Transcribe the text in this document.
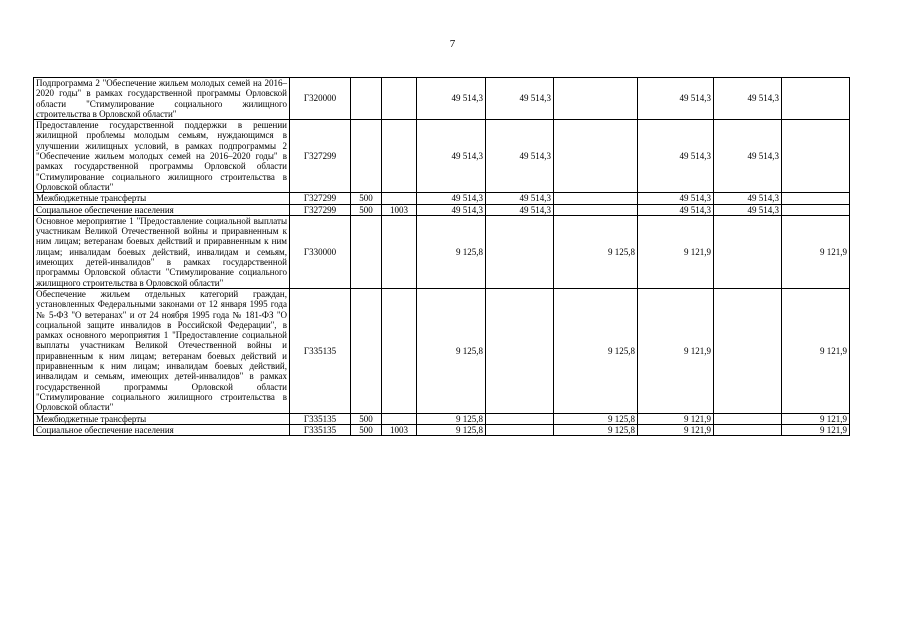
7
Подпрограмма 2 "Обеспечение жильем молодых семей на 2016–2020 годы" в рамках государственной программы Орловской области "Стимулирование социального жилищного строительства в Орловской области"	Г320000			49 514,3	49 514,3		49 514,3	49 514,3	
Предоставление государственной поддержки в решении жилищной проблемы молодым семьям, нуждающимся в улучшении жилищных условий, в рамках подпрограммы 2 "Обеспечение жильем молодых семей на 2016–2020 годы" в рамках государственной программы Орловской области "Стимулирование социального жилищного строительства в Орловской области"	Г327299			49 514,3	49 514,3		49 514,3	49 514,3	
Межбюджетные трансферты	Г327299	500		49 514,3	49 514,3		49 514,3	49 514,3	
Социальное обеспечение населения	Г327299	500	1003	49 514,3	49 514,3		49 514,3	49 514,3	
Основное мероприятие 1 "Предоставление социальной выплаты участникам Великой Отечественной войны и приравненным к ним лицам; ветеранам боевых действий и приравненным к ним лицам; инвалидам боевых действий, инвалидам и семьям, имеющих детей-инвалидов" в рамках государственной программы Орловской области "Стимулирование социального жилищного строительства в Орловской области"	Г330000			9 125,8		9 125,8	9 121,9		9 121,9
Обеспечение жильем отдельных категорий граждан, установленных Федеральными законами от 12 января 1995 года № 5-ФЗ "О ветеранах" и от 24 ноября 1995 года № 181-ФЗ "О социальной защите инвалидов в Российской Федерации", в рамках основного мероприятия 1 "Предоставление социальной выплаты участникам Великой Отечественной войны и приравненным к ним лицам; ветеранам боевых действий и приравненным к ним лицам; инвалидам боевых действий, инвалидам и семьям, имеющих детей-инвалидов" в рамках государственной программы Орловской области "Стимулирование социального жилищного строительства в Орловской области"	Г335135			9 125,8		9 125,8	9 121,9		9 121,9
Межбюджетные трансферты	Г335135	500		9 125,8		9 125,8	9 121,9		9 121,9
Социальное обеспечение населения	Г335135	500	1003	9 125,8		9 125,8	9 121,9		9 121,9
